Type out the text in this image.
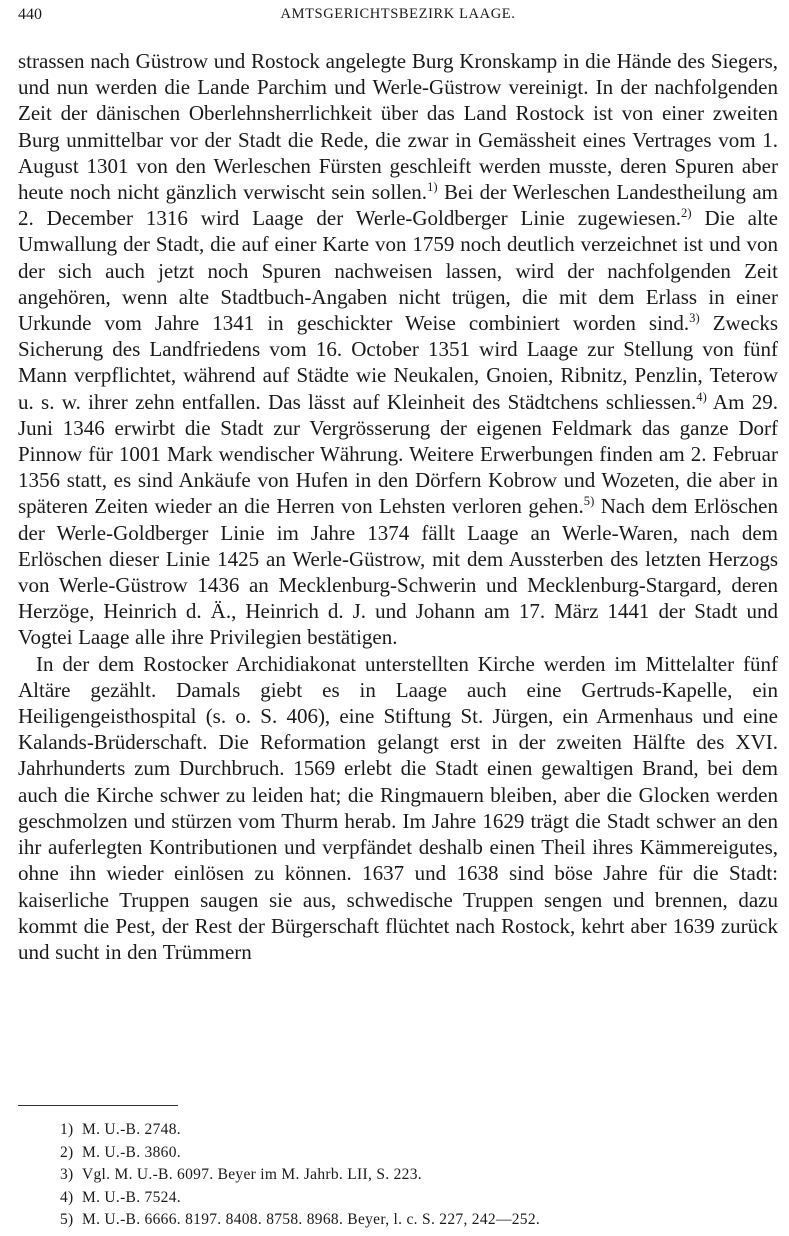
440	AMTSGERICHTSBEZIRK LAAGE.

strassen nach Güstrow und Rostock angelegte Burg Kronskamp in die Hände des Siegers, und nun werden die Lande Parchim und Werle-Güstrow vereinigt. In der nachfolgenden Zeit der dänischen Oberlehnsherrlichkeit über das Land Rostock ist von einer zweiten Burg unmittelbar vor der Stadt die Rede, die zwar in Gemässheit eines Vertrages vom 1. August 1301 von den Werleschen Fürsten geschleift werden musste, deren Spuren aber heute noch nicht gänzlich verwischt sein sollen.$^{1)}$ Bei der Werleschen Landestheilung am 2. December 1316 wird Laage der Werle-Goldberger Linie zugewiesen.$^{2)}$ Die alte Umwallung der Stadt, die auf einer Karte von 1759 noch deutlich verzeichnet ist und von der sich auch jetzt noch Spuren nachweisen lassen, wird der nachfolgenden Zeit angehören, wenn alte Stadtbuch-Angaben nicht trügen, die mit dem Erlass in einer Urkunde vom Jahre 1341 in geschickter Weise combiniert worden sind.$^{3)}$ Zwecks Sicherung des Landfriedens vom 16. October 1351 wird Laage zur Stellung von fünf Mann verpflichtet, während auf Städte wie Neukalen, Gnoien, Ribnitz, Penzlin, Teterow u. s. w. ihrer zehn entfallen. Das lässt auf Kleinheit des Städtchens schliessen.$^{4)}$ Am 29. Juni 1346 erwirbt die Stadt zur Vergrösserung der eigenen Feldmark das ganze Dorf Pinnow für 1001 Mark wendischer Währung. Weitere Erwerbungen finden am 2. Februar 1356 statt, es sind Ankäufe von Hufen in den Dörfern Kobrow und Wozeten, die aber in späteren Zeiten wieder an die Herren von Lehsten verloren gehen.$^{5)}$ Nach dem Erlöschen der Werle-Goldberger Linie im Jahre 1374 fällt Laage an Werle-Waren, nach dem Erlöschen dieser Linie 1425 an Werle-Güstrow, mit dem Aussterben des letzten Herzogs von Werle-Güstrow 1436 an Mecklenburg-Schwerin und Mecklenburg-Stargard, deren Herzöge, Heinrich d. Ä., Heinrich d. J. und Johann am 17. März 1441 der Stadt und Vogtei Laage alle ihre Privilegien bestätigen.

In der dem Rostocker Archidiakonat unterstellten Kirche werden im Mittelalter fünf Altäre gezählt. Damals giebt es in Laage auch eine Gertruds-Kapelle, ein Heiligengeisthospital (s. o. S. 406), eine Stiftung St. Jürgen, ein Armenhaus und eine Kalands-Brüderschaft. Die Reformation gelangt erst in der zweiten Hälfte des XVI. Jahrhunderts zum Durchbruch. 1569 erlebt die Stadt einen gewaltigen Brand, bei dem auch die Kirche schwer zu leiden hat; die Ringmauern bleiben, aber die Glocken werden geschmolzen und stürzen vom Thurm herab. Im Jahre 1629 trägt die Stadt schwer an den ihr auferlegten Kontributionen und verpfändet deshalb einen Theil ihres Kämmereigutes, ohne ihn wieder einlösen zu können. 1637 und 1638 sind böse Jahre für die Stadt: kaiserliche Truppen saugen sie aus, schwedische Truppen sengen und brennen, dazu kommt die Pest, der Rest der Bürgerschaft flüchtet nach Rostock, kehrt aber 1639 zurück und sucht in den Trümmern

1) M. U.-B. 2748.
2) M. U.-B. 3860.
3) Vgl. M. U.-B. 6097. Beyer im M. Jahrb. LII, S. 223.
4) M. U.-B. 7524.
5) M. U.-B. 6666. 8197. 8408. 8758. 8968. Beyer, l. c. S. 227, 242—252.
